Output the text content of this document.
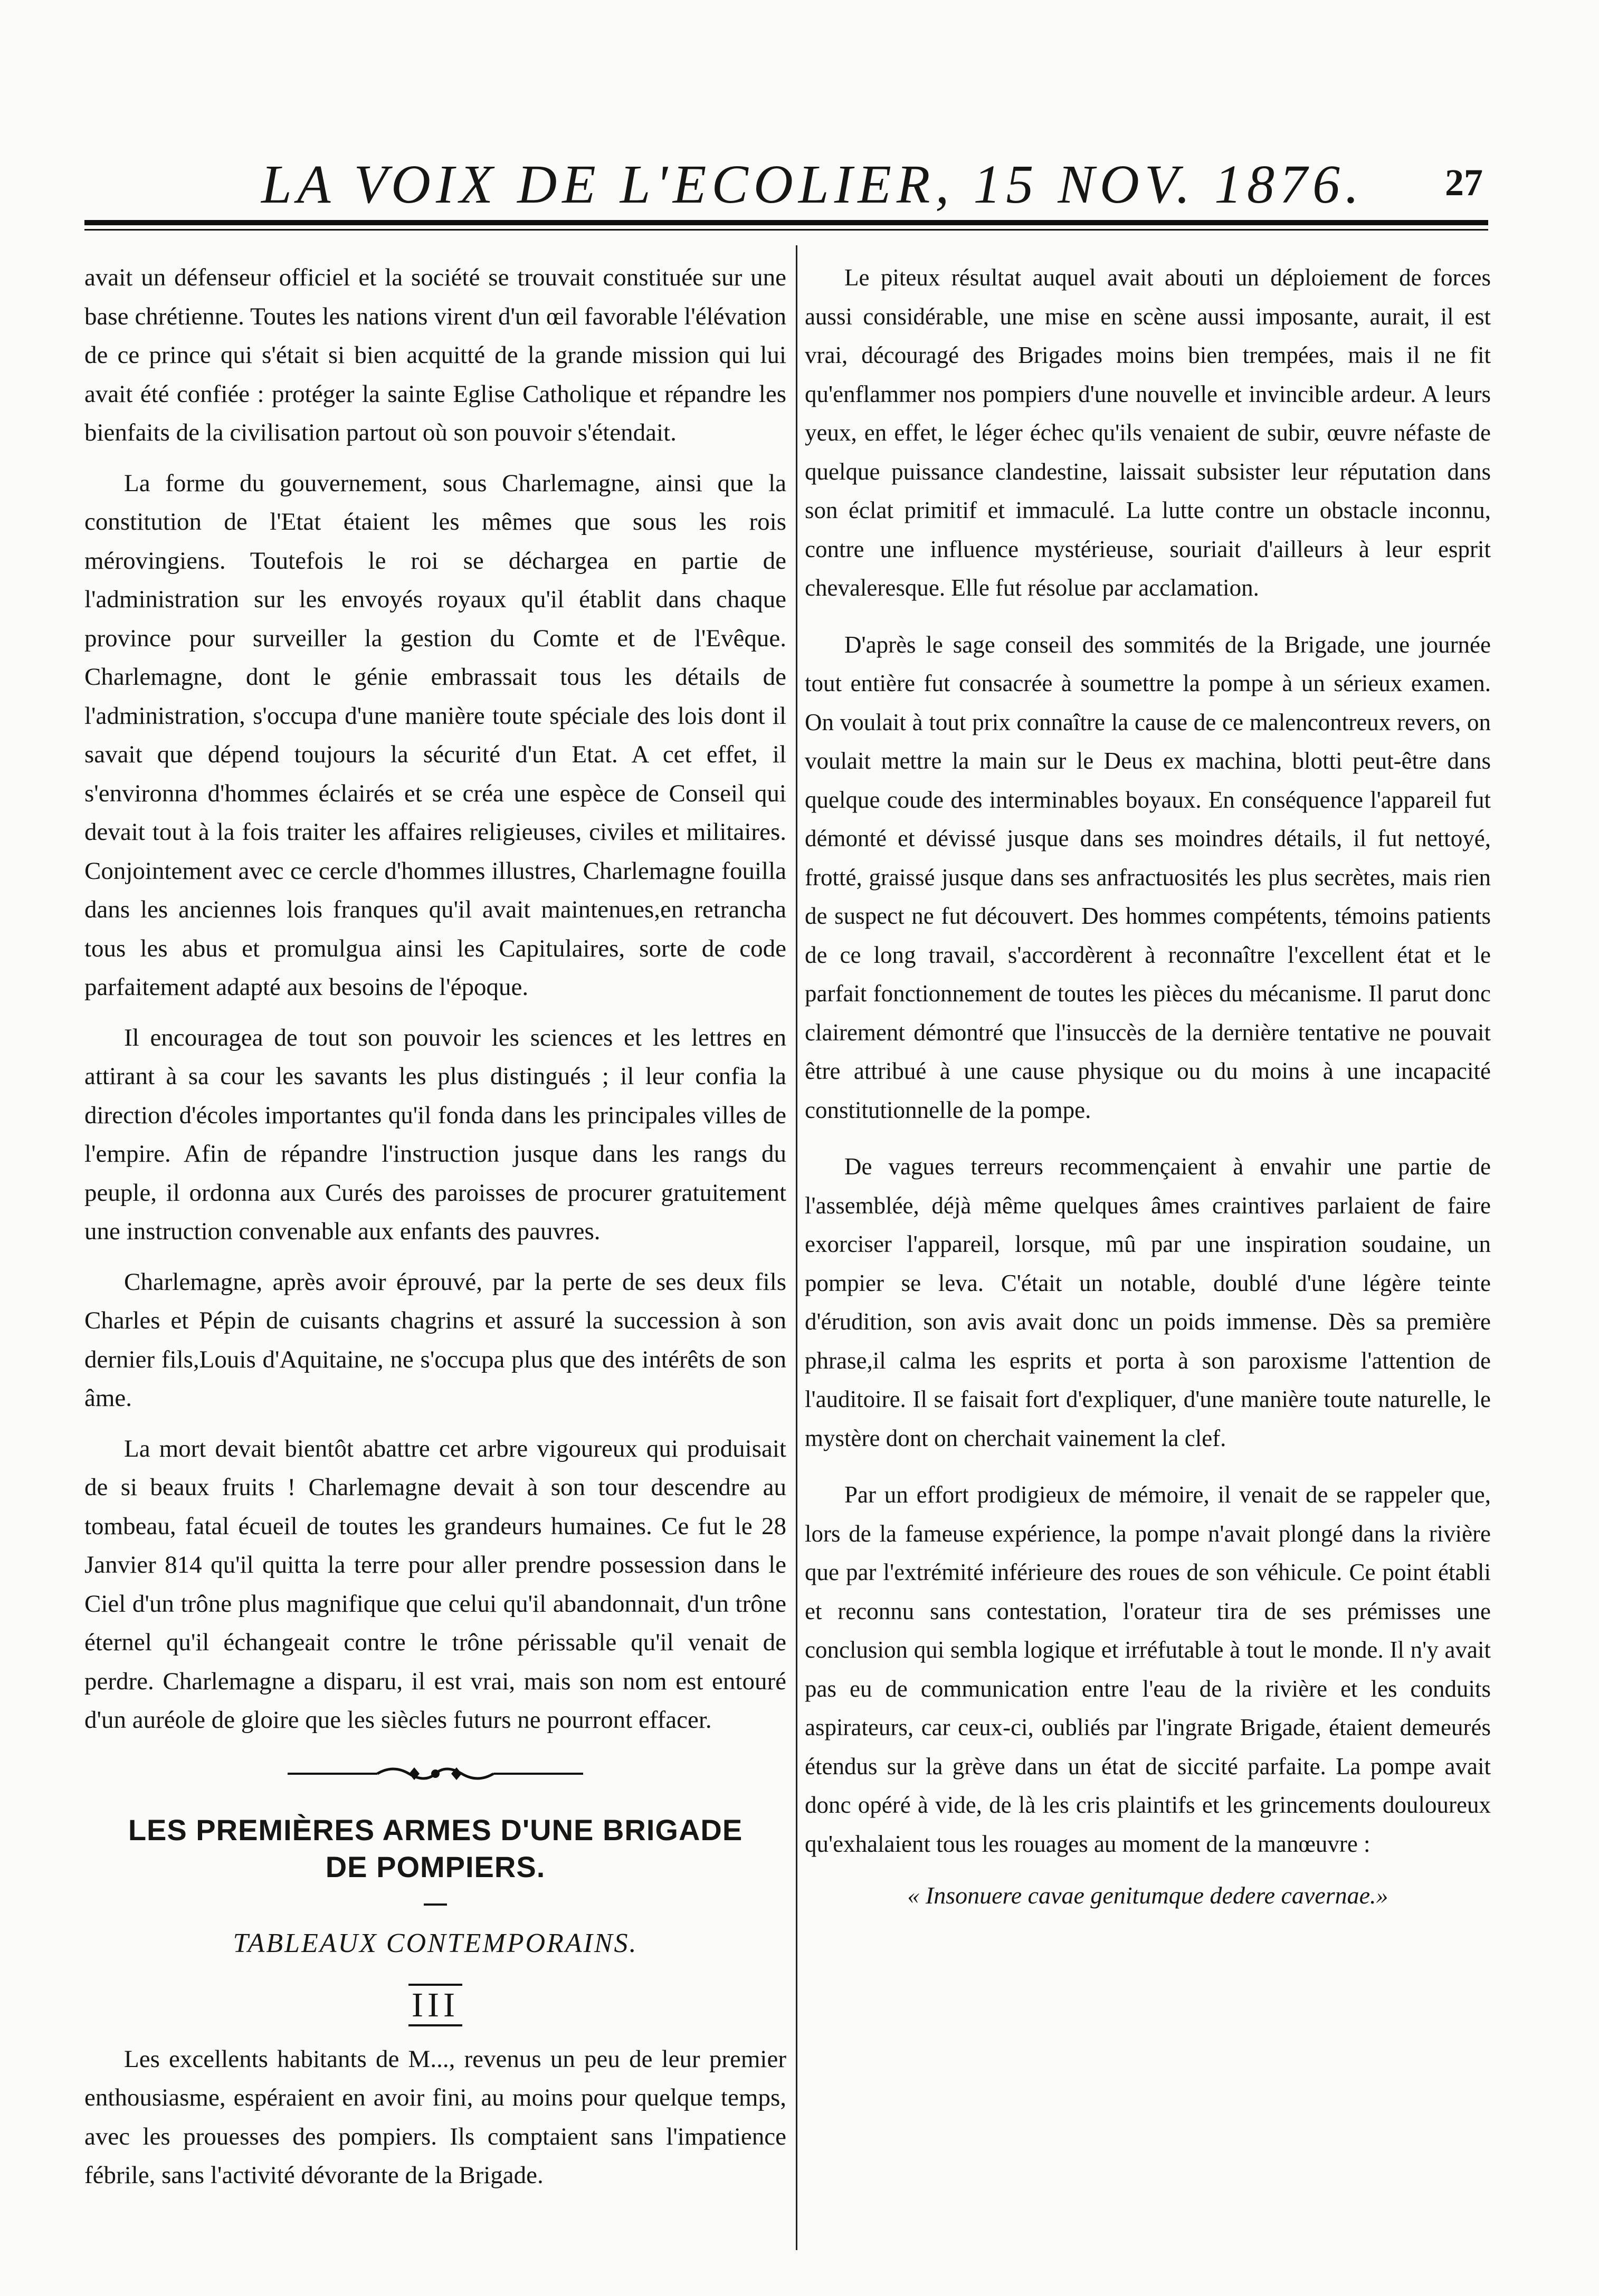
LA VOIX DE L'ECOLIER, 15 NOV. 1876. 27

avait un défenseur officiel et la société se trouvait constituée sur une base chrétienne. Toutes les nations virent d'un œil favorable l'élévation de ce prince qui s'était si bien acquitté de la grande mission qui lui avait été confiée : protéger la sainte Eglise Catholique et répandre les bienfaits de la civilisation partout où son pouvoir s'étendait.

La forme du gouvernement, sous Charlemagne, ainsi que la constitution de l'Etat étaient les mêmes que sous les rois mérovingiens. Toutefois le roi se déchargea en partie de l'administration sur les envoyés royaux qu'il établit dans chaque province pour surveiller la gestion du Comte et de l'Evêque. Charlemagne, dont le génie embrassait tous les détails de l'administration, s'occupa d'une manière toute spéciale des lois dont il savait que dépend toujours la sécurité d'un Etat. A cet effet, il s'environna d'hommes éclairés et se créa une espèce de Conseil qui devait tout à la fois traiter les affaires religieuses, civiles et militaires. Conjointement avec ce cercle d'hommes illustres, Charlemagne fouilla dans les anciennes lois franques qu'il avait maintenues,en retrancha tous les abus et promulgua ainsi les Capitulaires, sorte de code parfaitement adapté aux besoins de l'époque.

Il encouragea de tout son pouvoir les sciences et les lettres en attirant à sa cour les savants les plus distingués ; il leur confia la direction d'écoles importantes qu'il fonda dans les principales villes de l'empire. Afin de répandre l'instruction jusque dans les rangs du peuple, il ordonna aux Curés des paroisses de procurer gratuitement une instruction convenable aux enfants des pauvres.

Charlemagne, après avoir éprouvé, par la perte de ses deux fils Charles et Pépin de cuisants chagrins et assuré la succession à son dernier fils,Louis d'Aquitaine, ne s'occupa plus que des intérêts de son âme.

La mort devait bientôt abattre cet arbre vigoureux qui produisait de si beaux fruits ! Charlemagne devait à son tour descendre au tombeau, fatal écueil de toutes les grandeurs humaines. Ce fut le 28 Janvier 814 qu'il quitta la terre pour aller prendre possession dans le Ciel d'un trône plus magnifique que celui qu'il abandonnait, d'un trône éternel qu'il échangeait contre le trône périssable qu'il venait de perdre. Charlemagne a disparu, il est vrai, mais son nom est entouré d'un auréole de gloire que les siècles futurs ne pourront effacer.

LES PREMIÈRES ARMES D'UNE BRIGADE

DE POMPIERS.

TABLEAUX CONTEMPORAINS.

III

Les excellents habitants de M..., revenus un peu de leur premier enthousiasme, espéraient en avoir fini, au moins pour quelque temps, avec les prouesses des pompiers. Ils comptaient sans l'impatience fébrile, sans l'activité dévorante de la Brigade.

Le piteux résultat auquel avait abouti un déploiement de forces aussi considérable, une mise en scène aussi imposante, aurait, il est vrai, découragé des Brigades moins bien trempées, mais il ne fit qu'enflammer nos pompiers d'une nouvelle et invincible ardeur. A leurs yeux, en effet, le léger échec qu'ils venaient de subir, œuvre néfaste de quelque puissance clandestine, laissait subsister leur réputation dans son éclat primitif et immaculé. La lutte contre un obstacle inconnu, contre une influence mystérieuse, souriait d'ailleurs à leur esprit chevaleresque. Elle fut résolue par acclamation.

D'après le sage conseil des sommités de la Brigade, une journée tout entière fut consacrée à soumettre la pompe à un sérieux examen. On voulait à tout prix connaître la cause de ce malencontreux revers, on voulait mettre la main sur le Deus ex machina, blotti peut-être dans quelque coude des interminables boyaux. En conséquence l'appareil fut démonté et dévissé jusque dans ses moindres détails, il fut nettoyé, frotté, graissé jusque dans ses anfractuosités les plus secrètes, mais rien de suspect ne fut découvert. Des hommes compétents, témoins patients de ce long travail, s'accordèrent à reconnaître l'excellent état et le parfait fonctionnement de toutes les pièces du mécanisme. Il parut donc clairement démontré que l'insuccès de la dernière tentative ne pouvait être attribué à une cause physique ou du moins à une incapacité constitutionnelle de la pompe.

De vagues terreurs recommençaient à envahir une partie de l'assemblée, déjà même quelques âmes craintives parlaient de faire exorciser l'appareil, lorsque, mû par une inspiration soudaine, un pompier se leva. C'était un notable, doublé d'une légère teinte d'érudition, son avis avait donc un poids immense. Dès sa première phrase,il calma les esprits et porta à son paroxisme l'attention de l'auditoire. Il se faisait fort d'expliquer, d'une manière toute naturelle, le mystère dont on cherchait vainement la clef.

Par un effort prodigieux de mémoire, il venait de se rappeler que, lors de la fameuse expérience, la pompe n'avait plongé dans la rivière que par l'extrémité inférieure des roues de son véhicule. Ce point établi et reconnu sans contestation, l'orateur tira de ses prémisses une conclusion qui sembla logique et irréfutable à tout le monde. Il n'y avait pas eu de communication entre l'eau de la rivière et les conduits aspirateurs, car ceux-ci, oubliés par l'ingrate Brigade, étaient demeurés étendus sur la grève dans un état de siccité parfaite. La pompe avait donc opéré à vide, de là les cris plaintifs et les grincements douloureux qu'exhalaient tous les rouages au moment de la manœuvre :

« Insonuere cavae genitumque dedere cavernae.»
